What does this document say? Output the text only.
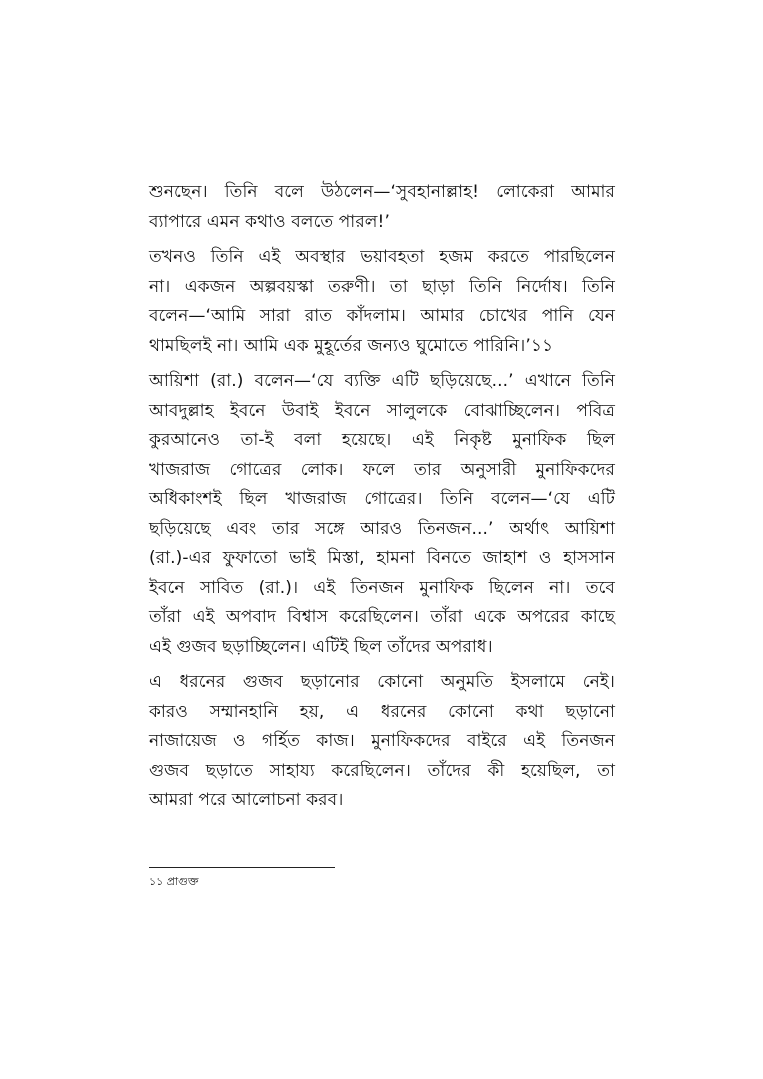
শুনছেন। তিনি বলে উঠলেন—‘সুবহানাল্লাহ! লোকেরা আমার
ব্যাপারে এমন কথাও বলতে পারল!’

তখনও তিনি এই অবস্থার ভয়াবহতা হজম করতে পারছিলেন
না। একজন অল্পবয়স্কা তরুণী। তা ছাড়া তিনি নির্দোষ। তিনি
বলেন—‘আমি সারা রাত কাঁদলাম। আমার চোখের পানি যেন
থামছিলই না। আমি এক মুহূর্তের জন্যও ঘুমোতে পারিনি।’১১

আয়িশা (রা.) বলেন—‘যে ব্যক্তি এটি ছড়িয়েছে...’ এখানে তিনি
আবদুল্লাহ ইবনে উবাই ইবনে সালুলকে বোঝাচ্ছিলেন। পবিত্র
কুরআনেও তা-ই বলা হয়েছে। এই নিকৃষ্ট মুনাফিক ছিল
খাজরাজ গোত্রের লোক। ফলে তার অনুসারী মুনাফিকদের
অধিকাংশই ছিল খাজরাজ গোত্রের। তিনি বলেন—‘যে এটি
ছড়িয়েছে এবং তার সঙ্গে আরও তিনজন...’ অর্থাৎ আয়িশা
(রা.)-এর ফুফাতো ভাই মিস্তা, হামনা বিনতে জাহাশ ও হাসসান
ইবনে সাবিত (রা.)। এই তিনজন মুনাফিক ছিলেন না। তবে
তাঁরা এই অপবাদ বিশ্বাস করেছিলেন। তাঁরা একে অপরের কাছে
এই গুজব ছড়াচ্ছিলেন। এটিই ছিল তাঁদের অপরাধ।

এ ধরনের গুজব ছড়ানোর কোনো অনুমতি ইসলামে নেই।
কারও সম্মানহানি হয়, এ ধরনের কোনো কথা ছড়ানো
নাজায়েজ ও গর্হিত কাজ। মুনাফিকদের বাইরে এই তিনজন
গুজব ছড়াতে সাহায্য করেছিলেন। তাঁদের কী হয়েছিল, তা
আমরা পরে আলোচনা করব।

১১ প্রাগুক্ত
